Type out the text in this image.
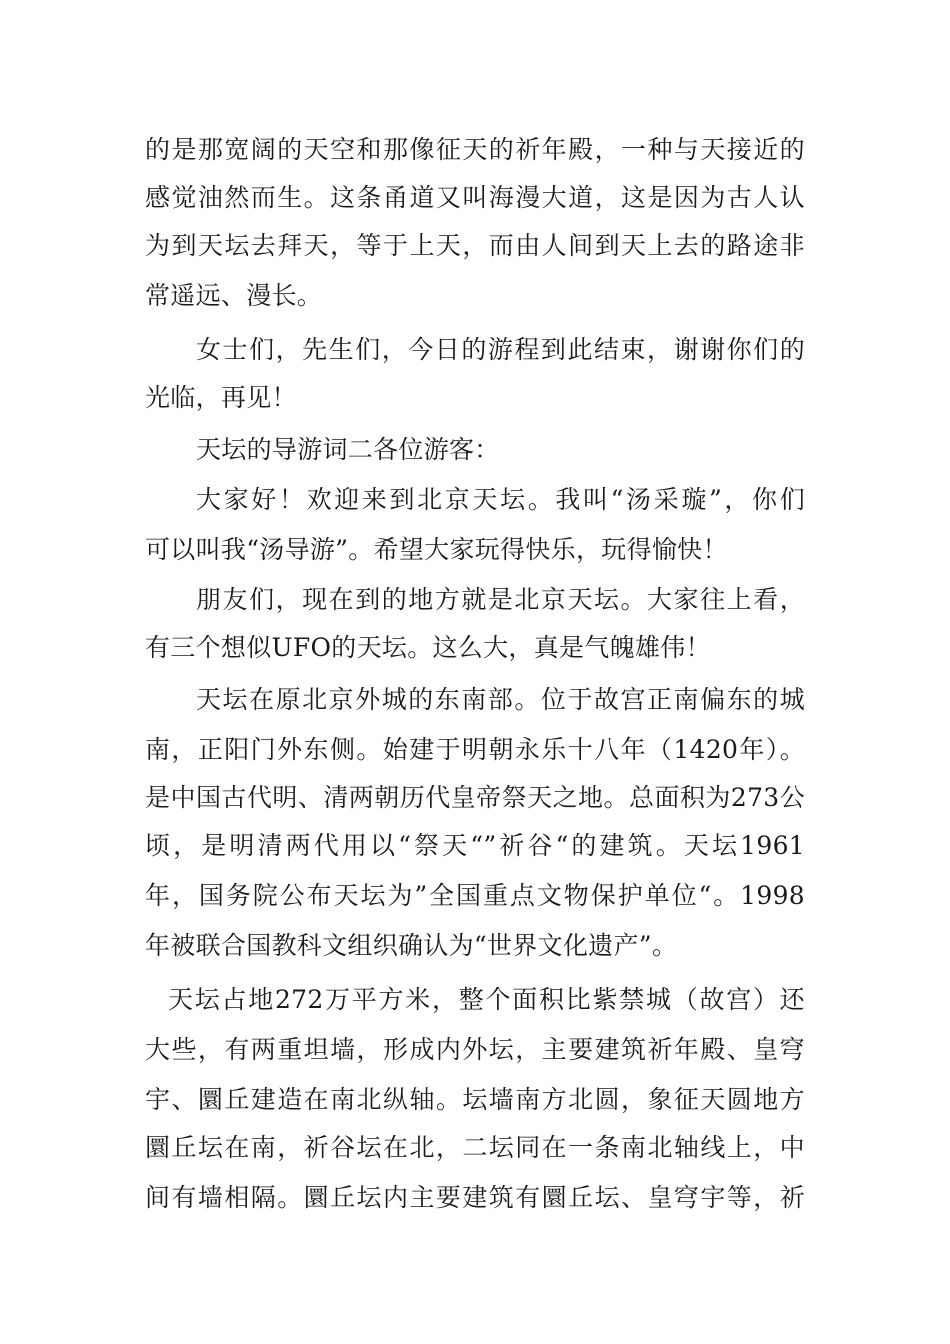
的是那宽阔的天空和那像征天的祈年殿，一种与天接近的
感觉油然而生。这条甬道又叫海漫大道，这是因为古人认
为到天坛去拜天，等于上天，而由人间到天上去的路途非
常遥远、漫长。
女士们，先生们，今日的游程到此结束，谢谢你们的
光临，再见！
天坛的导游词二各位游客：
大家好！欢迎来到北京天坛。我叫“汤采璇”，你们
可以叫我“汤导游”。希望大家玩得快乐，玩得愉快！
朋友们，现在到的地方就是北京天坛。大家往上看，
有三个想似UFO的天坛。这么大，真是气魄雄伟！
天坛在原北京外城的东南部。位于故宫正南偏东的城
南，正阳门外东侧。始建于明朝永乐十八年（1420年）。
是中国古代明、清两朝历代皇帝祭天之地。总面积为273公
顷，是明清两代用以“祭天“”祈谷“的建筑。天坛1961
年，国务院公布天坛为”全国重点文物保护单位“。1998
年被联合国教科文组织确认为“世界文化遗产”。
天坛占地272万平方米，整个面积比紫禁城（故宫）还
大些，有两重坦墙，形成内外坛，主要建筑祈年殿、皇穹
宇、圜丘建造在南北纵轴。坛墙南方北圆，象征天圆地方
圜丘坛在南，祈谷坛在北，二坛同在一条南北轴线上，中
间有墙相隔。圜丘坛内主要建筑有圜丘坛、皇穹宇等，祈
